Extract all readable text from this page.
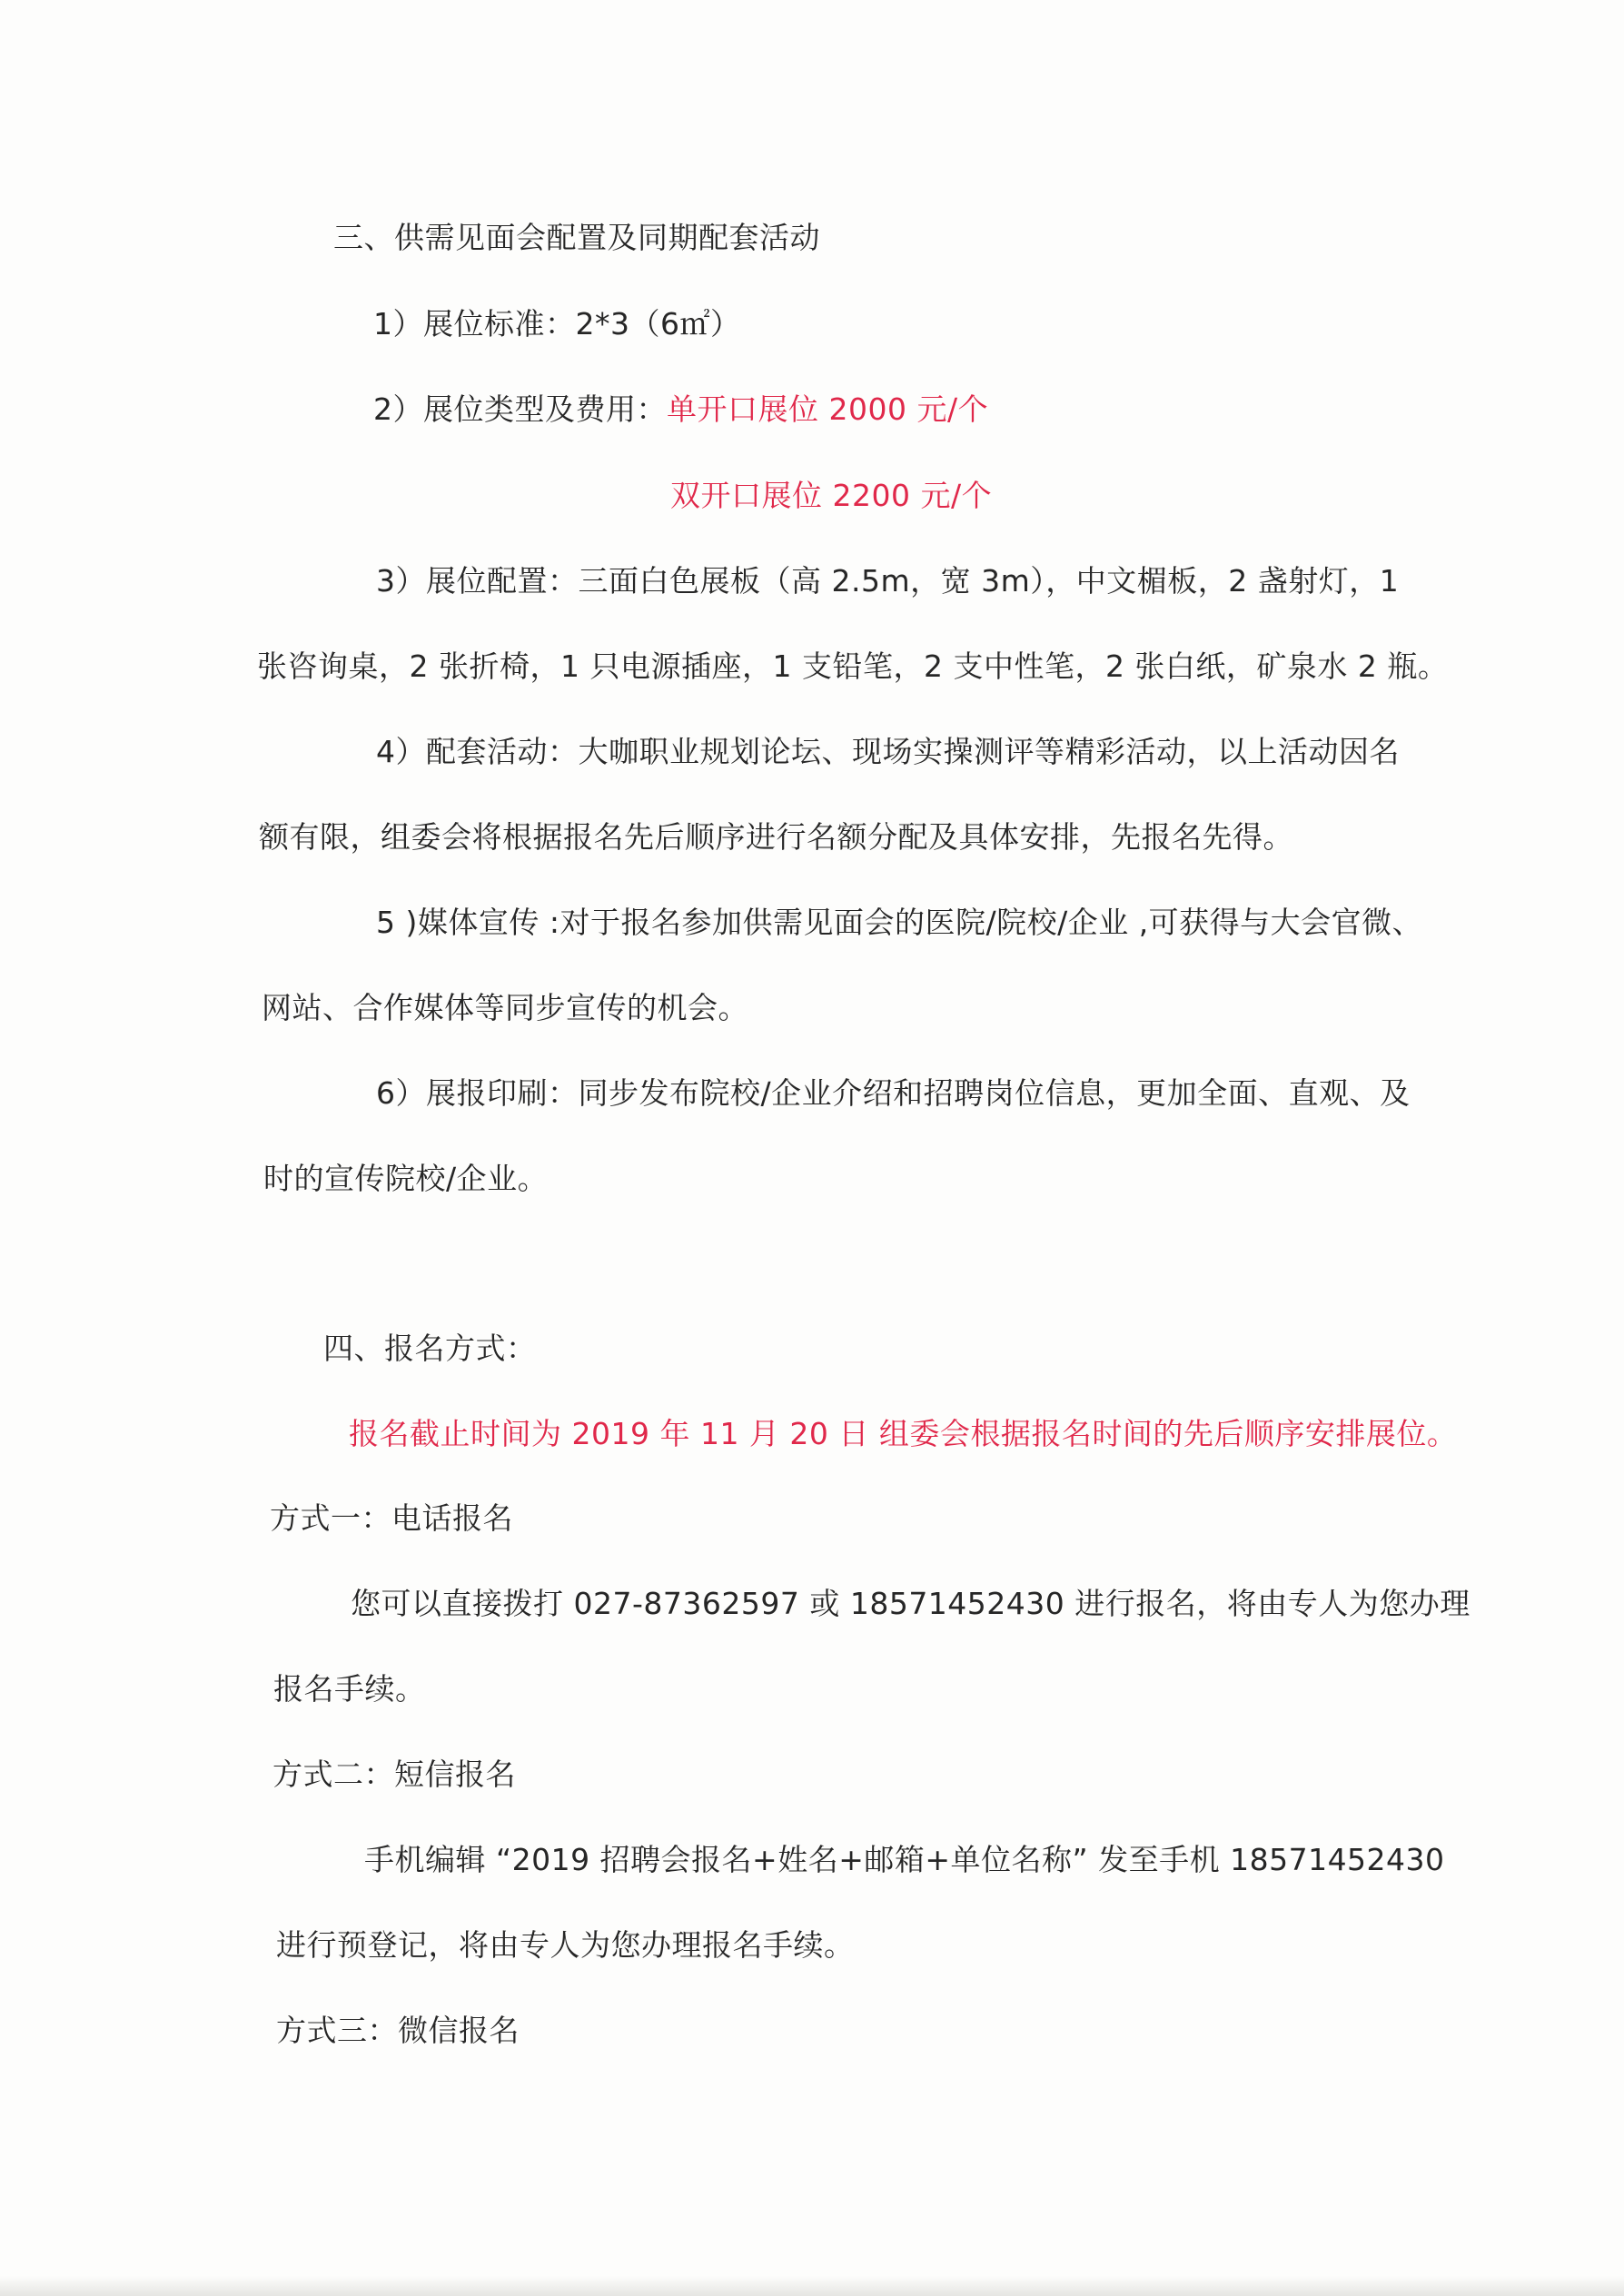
三、供需见面会配置及同期配套活动
1）展位标准：2*3（6㎡）
2）展位类型及费用：单开口展位 2000 元/个
双开口展位 2200 元/个
3）展位配置：三面白色展板（高 2.5m，宽 3m），中文楣板，2 盏射灯，1
张咨询桌，2 张折椅，1 只电源插座，1 支铅笔，2 支中性笔，2 张白纸，矿泉水 2 瓶。
4）配套活动：大咖职业规划论坛、现场实操测评等精彩活动，以上活动因名
额有限，组委会将根据报名先后顺序进行名额分配及具体安排，先报名先得。
5 )媒体宣传 :对于报名参加供需见面会的医院/院校/企业 ,可获得与大会官微、
网站、合作媒体等同步宣传的机会。
6）展报印刷：同步发布院校/企业介绍和招聘岗位信息，更加全面、直观、及
时的宣传院校/企业。
四、报名方式：
报名截止时间为 2019 年 11 月 20 日 组委会根据报名时间的先后顺序安排展位。
方式一：电话报名
您可以直接拨打 027-87362597 或 18571452430 进行报名，将由专人为您办理
报名手续。
方式二：短信报名
手机编辑 “2019 招聘会报名+姓名+邮箱+单位名称” 发至手机 18571452430
进行预登记，将由专人为您办理报名手续。
方式三：微信报名
